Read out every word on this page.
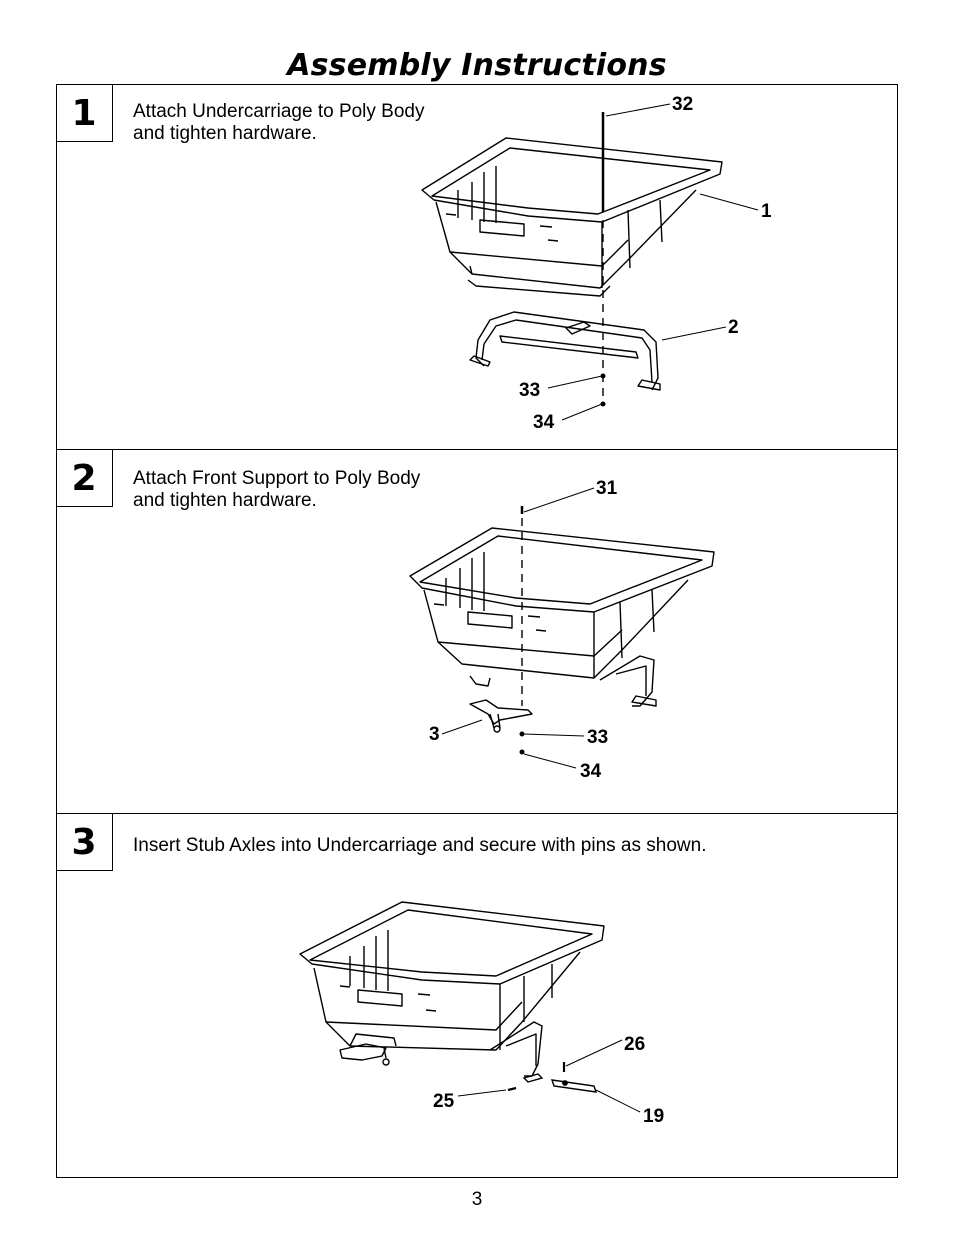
Assembly Instructions
1	Attach Undercarriage to Poly Body
and tighten hardware.
32
1
2
33
34
2	Attach Front Support to Poly Body
and tighten hardware.
31
3	33
34
3	Insert Stub Axles into Undercarriage and secure with pins as shown.
26
25
19
3
